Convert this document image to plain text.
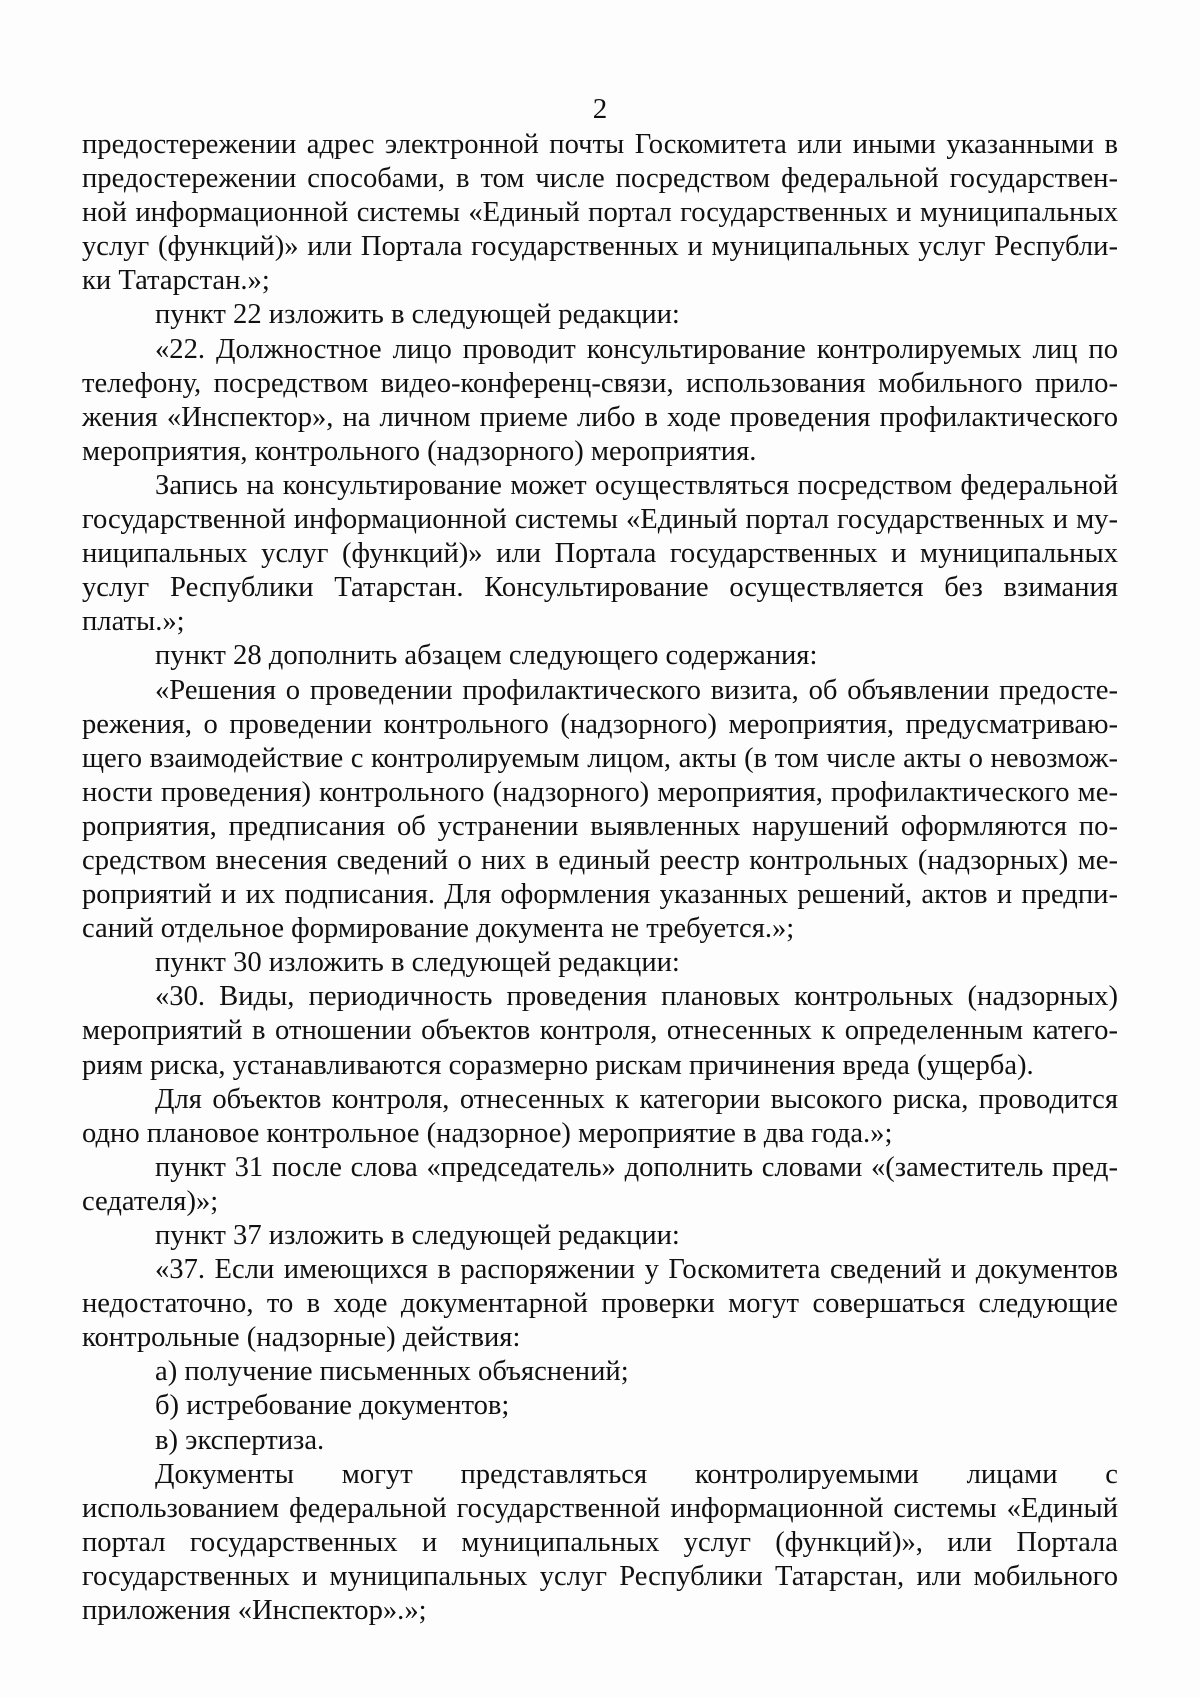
2

предостережении адрес электронной почты Госкомитета или иными указанными в предостережении способами, в том числе посредством федеральной государственной информационной системы «Единый портал государственных и муниципальных услуг (функций)» или Портала государственных и муниципальных услуг Республики Татарстан.»;

пункт 22 изложить в следующей редакции:

«22. Должностное лицо проводит консультирование контролируемых лиц по телефону, посредством видео-конференц-связи, использования мобильного приложения «Инспектор», на личном приеме либо в ходе проведения профилактического мероприятия, контрольного (надзорного) мероприятия.

Запись на консультирование может осуществляться посредством федеральной государственной информационной системы «Единый портал государственных и муниципальных услуг (функций)» или Портала государственных и муниципальных услуг Республики Татарстан. Консультирование осуществляется без взимания платы.»;

пункт 28 дополнить абзацем следующего содержания:

«Решения о проведении профилактического визита, об объявлении предостережения, о проведении контрольного (надзорного) мероприятия, предусматривающего взаимодействие с контролируемым лицом, акты (в том числе акты о невозможности проведения) контрольного (надзорного) мероприятия, профилактического мероприятия, предписания об устранении выявленных нарушений оформляются посредством внесения сведений о них в единый реестр контрольных (надзорных) мероприятий и их подписания. Для оформления указанных решений, актов и предписаний отдельное формирование документа не требуется.»;

пункт 30 изложить в следующей редакции:

«30. Виды, периодичность проведения плановых контрольных (надзорных) мероприятий в отношении объектов контроля, отнесенных к определенным категориям риска, устанавливаются соразмерно рискам причинения вреда (ущерба).

Для объектов контроля, отнесенных к категории высокого риска, проводится одно плановое контрольное (надзорное) мероприятие в два года.»;

пункт 31 после слова «председатель» дополнить словами «(заместитель председателя)»;

пункт 37 изложить в следующей редакции:

«37. Если имеющихся в распоряжении у Госкомитета сведений и документов недостаточно, то в ходе документарной проверки могут совершаться следующие контрольные (надзорные) действия:

а) получение письменных объяснений;

б) истребование документов;

в) экспертиза.

Документы могут представляться контролируемыми лицами с использованием федеральной государственной информационной системы «Единый портал государственных и муниципальных услуг (функций)», или Портала государственных и муниципальных услуг Республики Татарстан, или мобильного приложения «Инспектор».»;
